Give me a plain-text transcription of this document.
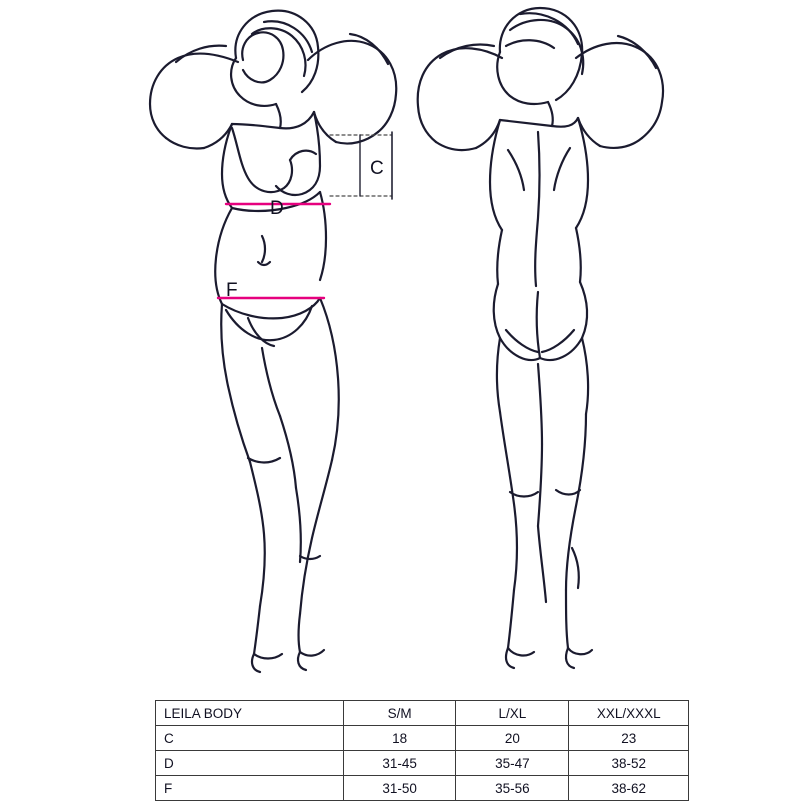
C
D
F
LEILA BODY	S/M	L/XL	XXL/XXXL
C	18	20	23
D	31-45	35-47	38-52
F	31-50	35-56	38-62
